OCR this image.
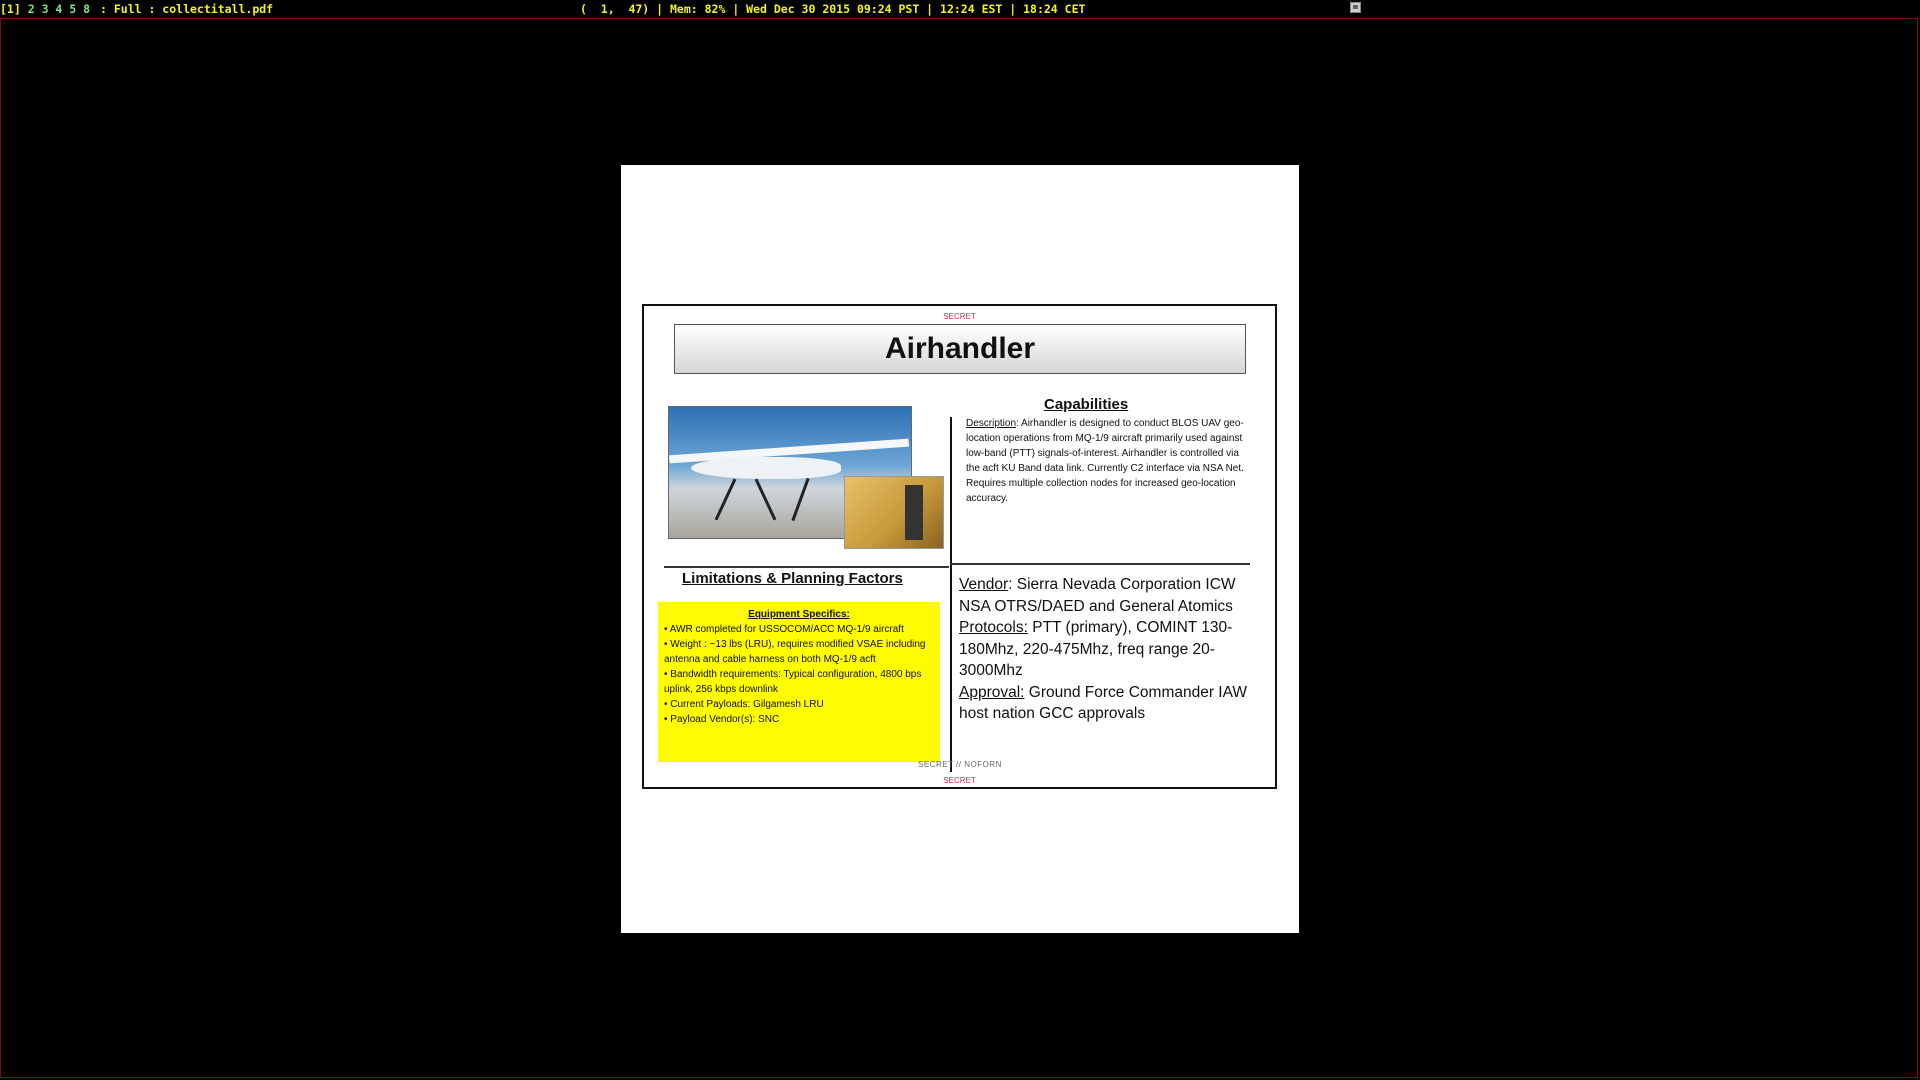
[1] 2 3 4 5 8

: Full : collectitall.pdf

	(  1,  47) | Mem: 82% | Wed Dec 30 2015 09:24 PST | 12:24 EST | 18:24 CET

SECRET
Airhandler
Capabilities
Description: Airhandler is designed to conduct BLOS UAV geo-location operations from MQ-1/9 aircraft primarily used against low-band (PTT) signals-of-interest. Airhandler is controlled via the acft KU Band data link. Currently C2 interface via NSA Net. Requires multiple collection nodes for increased geo-location accuracy.
Limitations & Planning Factors
Equipment Specifics:
• AWR completed for USSOCOM/ACC MQ-1/9 aircraft
• Weight : ~13 lbs (LRU), requires modified VSAE including antenna and cable harness on both MQ-1/9 acft
• Bandwidth requirements: Typical configuration, 4800 bps uplink, 256 kbps downlink
• Current Payloads: Gilgamesh LRU
• Payload Vendor(s): SNC
Vendor: Sierra Nevada Corporation ICW NSA OTRS/DAED and General Atomics
Protocols: PTT (primary), COMINT 130-180Mhz, 220-475Mhz, freq range 20-3000Mhz
Approval: Ground Force Commander IAW host nation GCC approvals
SECRET // NOFORN
SECRET
